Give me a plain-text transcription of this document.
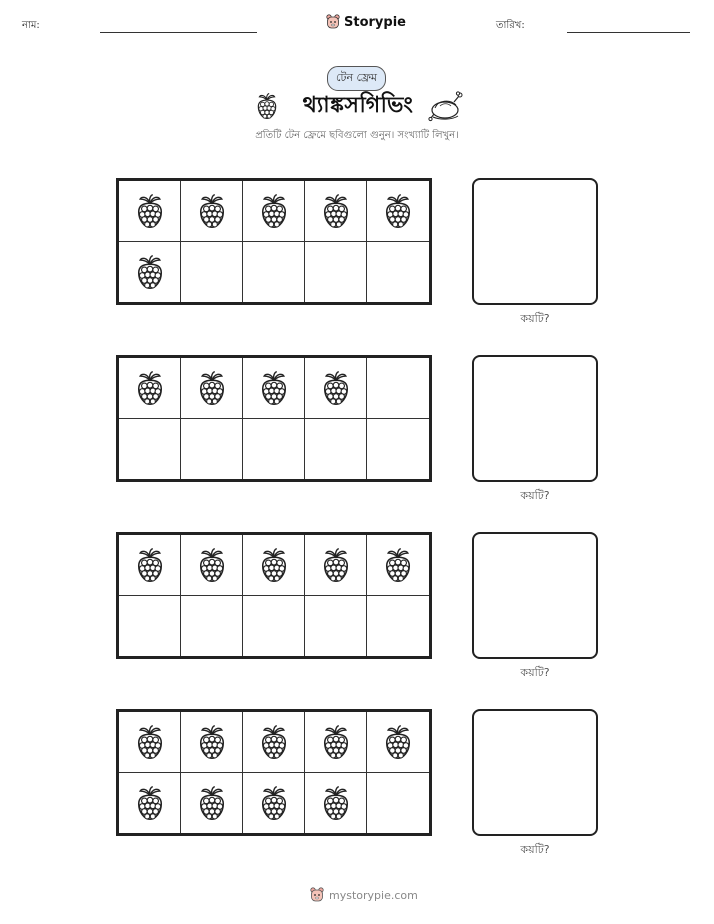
নাম:	Storypie	তারিখ:
টেন ফ্রেম
থ্যাঙ্কসগিভিং
প্রতিটি টেন ফ্রেমে ছবিগুলো গুনুন। সংখ্যাটি লিখুন।
কয়টি?
কয়টি?
কয়টি?
কয়টি?
mystorypie.com
